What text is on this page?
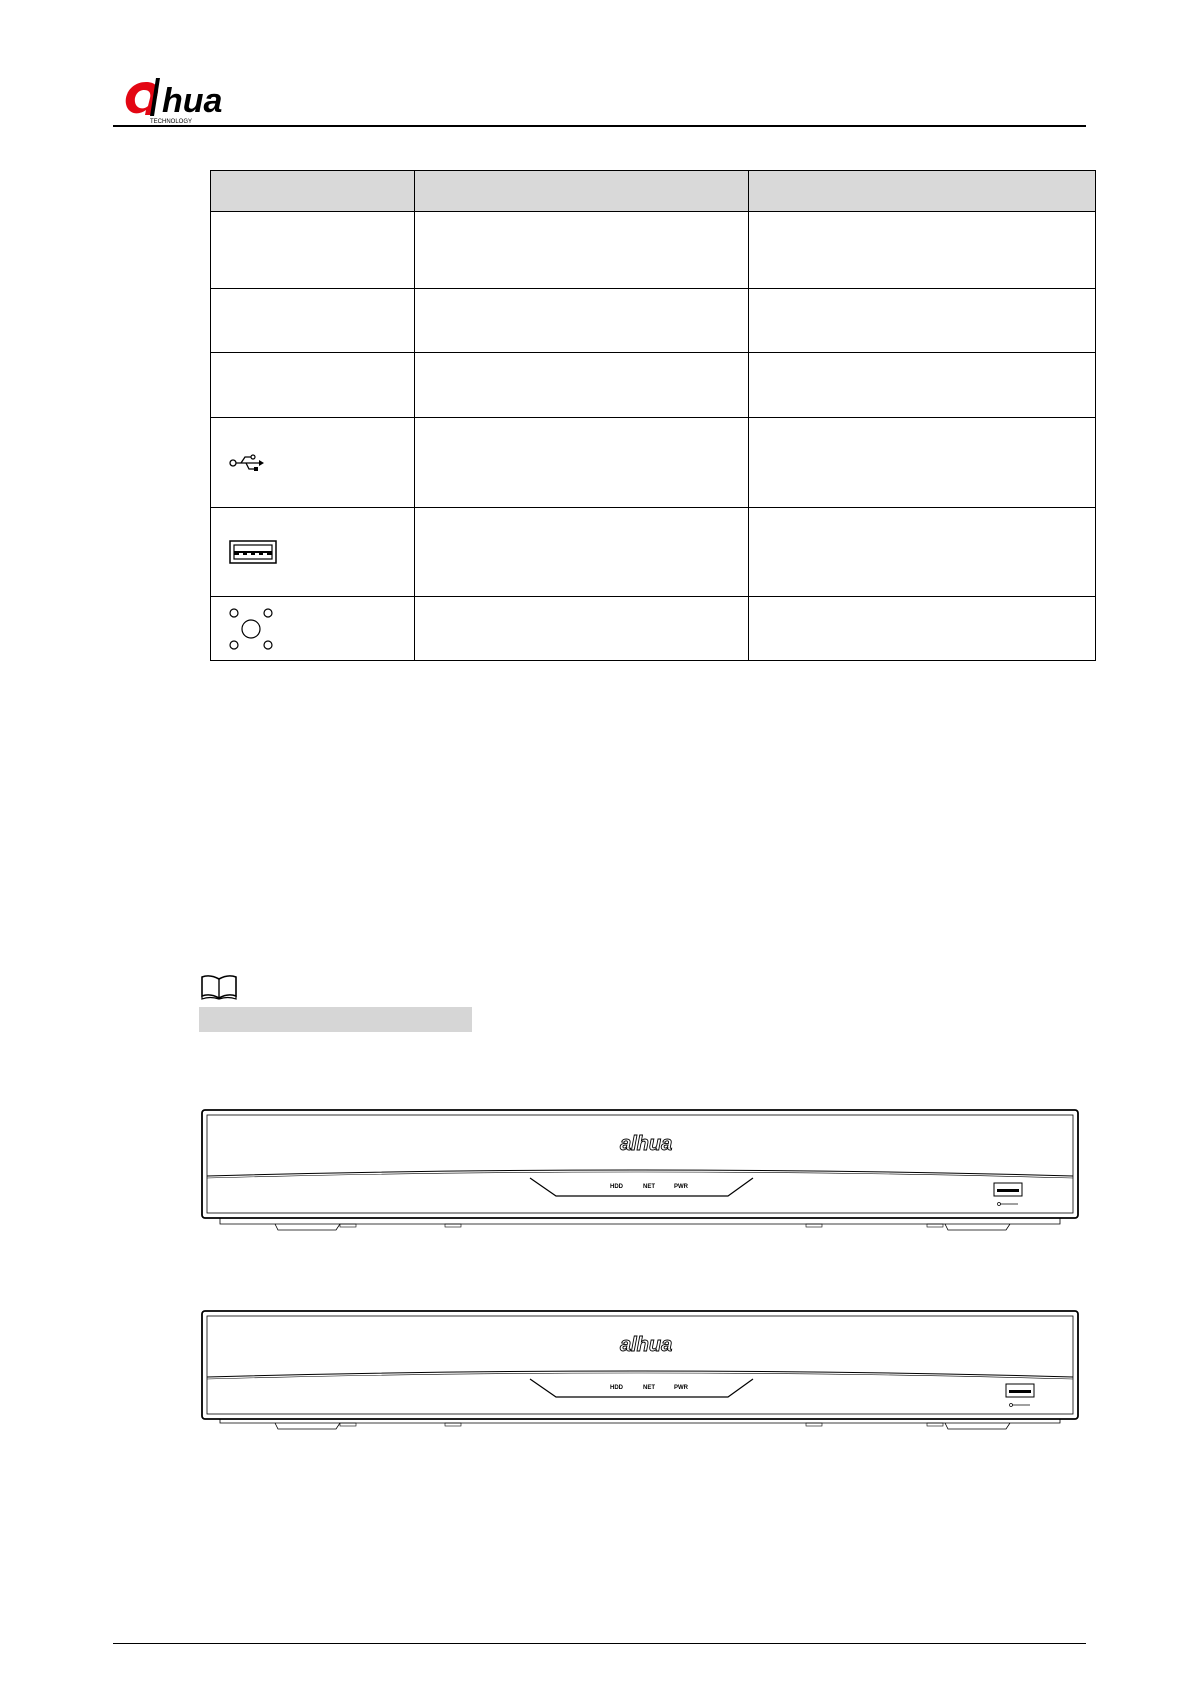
hua
TECHNOLOGY

alhua
HDD	NET	PWR
alhua
HDD	NET	PWR
